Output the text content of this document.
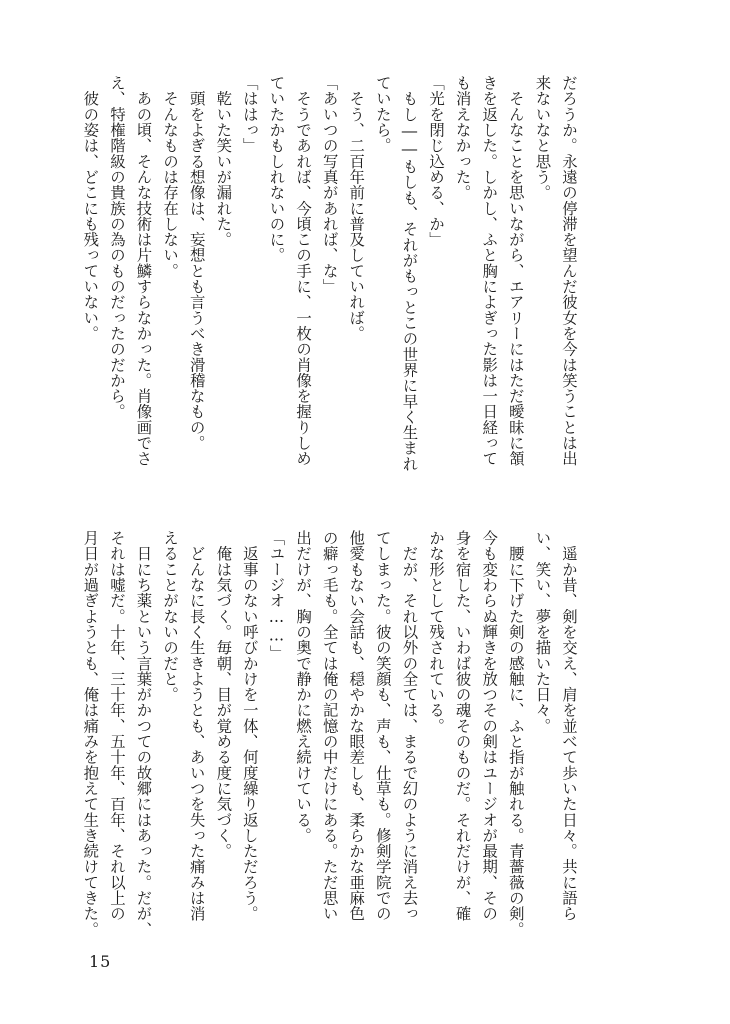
だろうか。永遠の停滞を望んだ彼女を今は笑うことは出
来ないなと思う。
　そんなことを思いながら、エアリーにはただ曖昧に頷
きを返した。しかし、ふと胸によぎった影は一日経って
も消えなかった。
「光を閉じ込める、か」
　もし――もしも、それがもっとこの世界に早く生まれ
ていたら。
　そう、二百年前に普及していれば。
「あいつの写真があれば、な」
　そうであれば、今頃この手に、一枚の肖像を握りしめ
ていたかもしれないのに。
「ははっ」
　乾いた笑いが漏れた。
　頭をよぎる想像は、妄想とも言うべき滑稽なもの。
　そんなものは存在しない。
　あの頃、そんな技術は片鱗すらなかった。肖像画でさ
え、特権階級の貴族の為のものだったのだから。
　彼の姿は、どこにも残っていない。
　遥か昔、剣を交え、肩を並べて歩いた日々。共に語ら
い、笑い、夢を描いた日々。
　腰に下げた剣の感触に、ふと指が触れる。青薔薇の剣。
今も変わらぬ輝きを放つその剣はユージオが最期、その
身を宿した、いわば彼の魂そのものだ。それだけが、確
かな形として残されている。
　だが、それ以外の全ては、まるで幻のように消え去っ
てしまった。彼の笑顔も、声も、仕草も。修剣学院での
他愛もない会話も、穏やかな眼差しも、柔らかな亜麻色
の癖っ毛も。全ては俺の記憶の中だけにある。ただ思い
出だけが、胸の奥で静かに燃え続けている。
「ユージオ……」
　返事のない呼びかけを一体、何度繰り返しただろう。
　俺は気づく。毎朝、目が覚める度に気づく。
　どんなに長く生きようとも、あいつを失った痛みは消
えることがないのだと。
　日にち薬という言葉がかつての故郷にはあった。だが、
それは嘘だ。十年、三十年、五十年、百年、それ以上の
月日が過ぎようとも、俺は痛みを抱えて生き続けてきた。
15
